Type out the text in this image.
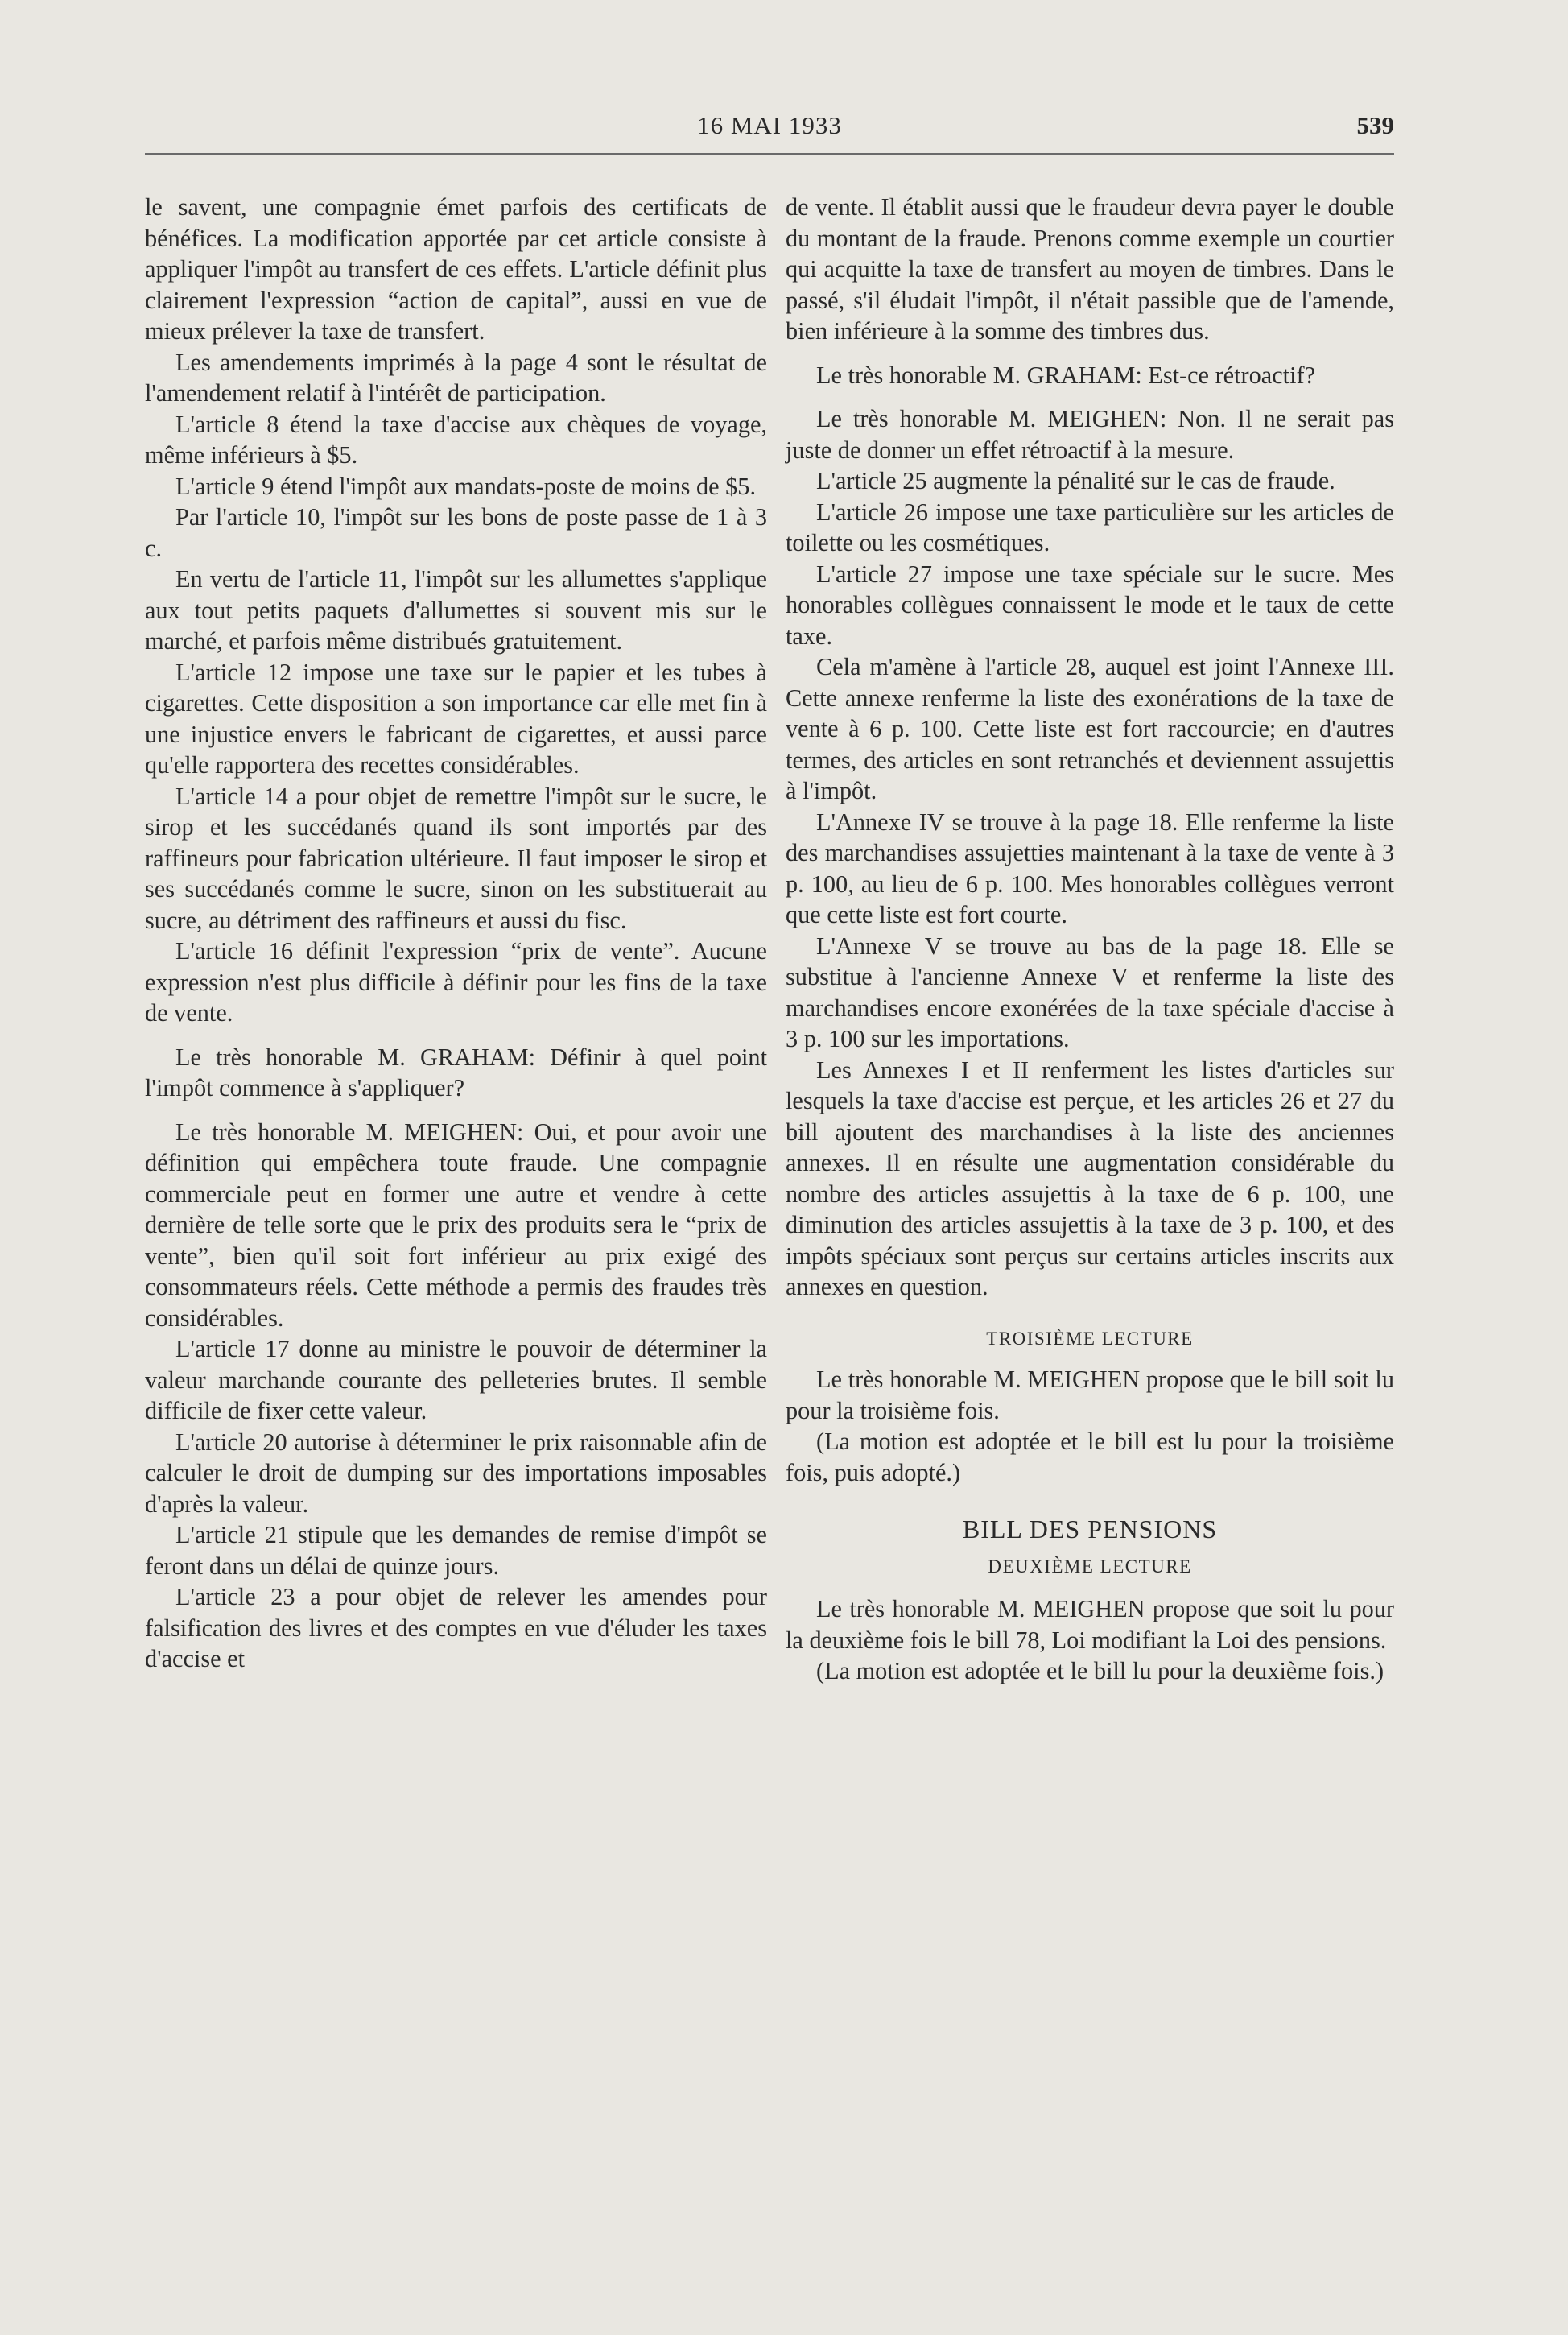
16 MAI 1933	539

le savent, une compagnie émet parfois des certificats de bénéfices. La modification apportée par cet article consiste à appliquer l'impôt au transfert de ces effets. L'article définit plus clairement l'expression “action de capital”, aussi en vue de mieux prélever la taxe de transfert.

Les amendements imprimés à la page 4 sont le résultat de l'amendement relatif à l'intérêt de participation.

L'article 8 étend la taxe d'accise aux chèques de voyage, même inférieurs à $5.

L'article 9 étend l'impôt aux mandats-poste de moins de $5.

Par l'article 10, l'impôt sur les bons de poste passe de 1 à 3 c.

En vertu de l'article 11, l'impôt sur les allumettes s'applique aux tout petits paquets d'allumettes si souvent mis sur le marché, et parfois même distribués gratuitement.

L'article 12 impose une taxe sur le papier et les tubes à cigarettes. Cette disposition a son importance car elle met fin à une injustice envers le fabricant de cigarettes, et aussi parce qu'elle rapportera des recettes considérables.

L'article 14 a pour objet de remettre l'impôt sur le sucre, le sirop et les succédanés quand ils sont importés par des raffineurs pour fabrication ultérieure. Il faut imposer le sirop et ses succédanés comme le sucre, sinon on les substituerait au sucre, au détriment des raffineurs et aussi du fisc.

L'article 16 définit l'expression “prix de vente”. Aucune expression n'est plus difficile à définir pour les fins de la taxe de vente.

Le très honorable M. GRAHAM: Définir à quel point l'impôt commence à s'appliquer?

Le très honorable M. MEIGHEN: Oui, et pour avoir une définition qui empêchera toute fraude. Une compagnie commerciale peut en former une autre et vendre à cette dernière de telle sorte que le prix des produits sera le “prix de vente”, bien qu'il soit fort inférieur au prix exigé des consommateurs réels. Cette méthode a permis des fraudes très considérables.

L'article 17 donne au ministre le pouvoir de déterminer la valeur marchande courante des pelleteries brutes. Il semble difficile de fixer cette valeur.

L'article 20 autorise à déterminer le prix raisonnable afin de calculer le droit de dumping sur des importations imposables d'après la valeur.

L'article 21 stipule que les demandes de remise d'impôt se feront dans un délai de quinze jours.

L'article 23 a pour objet de relever les amendes pour falsification des livres et des comptes en vue d'éluder les taxes d'accise et

de vente. Il établit aussi que le fraudeur devra payer le double du montant de la fraude. Prenons comme exemple un courtier qui acquitte la taxe de transfert au moyen de timbres. Dans le passé, s'il éludait l'impôt, il n'était passible que de l'amende, bien inférieure à la somme des timbres dus.

Le très honorable M. GRAHAM: Est-ce rétroactif?

Le très honorable M. MEIGHEN: Non. Il ne serait pas juste de donner un effet rétroactif à la mesure.

L'article 25 augmente la pénalité sur le cas de fraude.

L'article 26 impose une taxe particulière sur les articles de toilette ou les cosmétiques.

L'article 27 impose une taxe spéciale sur le sucre. Mes honorables collègues connaissent le mode et le taux de cette taxe.

Cela m'amène à l'article 28, auquel est joint l'Annexe III. Cette annexe renferme la liste des exonérations de la taxe de vente à 6 p. 100. Cette liste est fort raccourcie; en d'autres termes, des articles en sont retranchés et deviennent assujettis à l'impôt.

L'Annexe IV se trouve à la page 18. Elle renferme la liste des marchandises assujetties maintenant à la taxe de vente à 3 p. 100, au lieu de 6 p. 100. Mes honorables collègues verront que cette liste est fort courte.

L'Annexe V se trouve au bas de la page 18. Elle se substitue à l'ancienne Annexe V et renferme la liste des marchandises encore exonérées de la taxe spéciale d'accise à 3 p. 100 sur les importations.

Les Annexes I et II renferment les listes d'articles sur lesquels la taxe d'accise est perçue, et les articles 26 et 27 du bill ajoutent des marchandises à la liste des anciennes annexes. Il en résulte une augmentation considérable du nombre des articles assujettis à la taxe de 6 p. 100, une diminution des articles assujettis à la taxe de 3 p. 100, et des impôts spéciaux sont perçus sur certains articles inscrits aux annexes en question.

TROISIÈME LECTURE

Le très honorable M. MEIGHEN propose que le bill soit lu pour la troisième fois.

(La motion est adoptée et le bill est lu pour la troisième fois, puis adopté.)

BILL DES PENSIONS
DEUXIÈME LECTURE

Le très honorable M. MEIGHEN propose que soit lu pour la deuxième fois le bill 78, Loi modifiant la Loi des pensions.

(La motion est adoptée et le bill lu pour la deuxième fois.)
